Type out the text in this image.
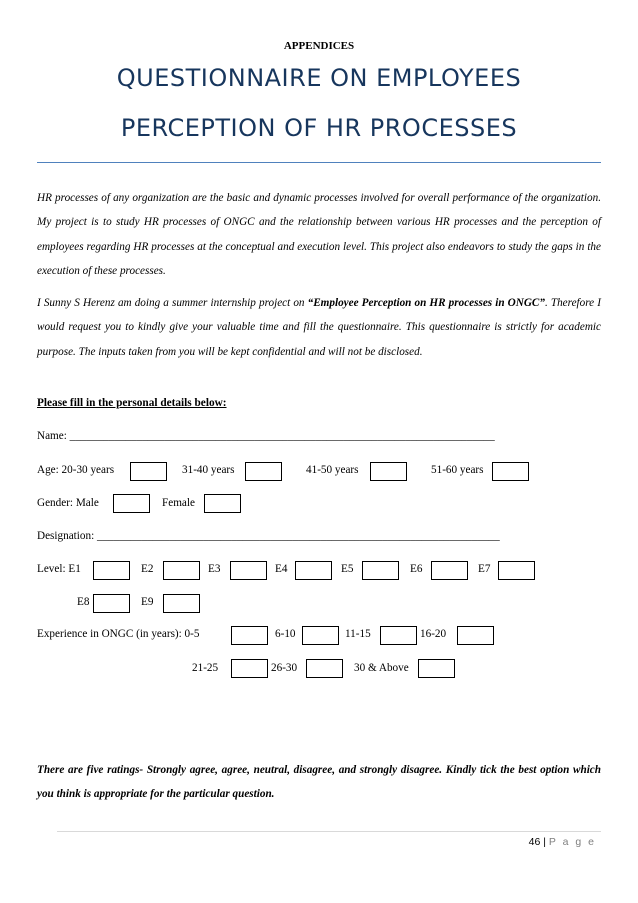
APPENDICES
QUESTIONNAIRE ON EMPLOYEES
PERCEPTION OF HR PROCESSES
HR processes of any organization are the basic and dynamic processes involved for overall performance of the organization. My project is to study HR processes of ONGC and the relationship between various HR processes and the perception of employees regarding HR processes at the conceptual and execution level. This project also endeavors to study the gaps in the execution of these processes.
I Sunny S Herenz am doing a summer internship project on “Employee Perception on HR processes in ONGC”. Therefore I would request you to kindly give your valuable time and fill the questionnaire. This questionnaire is strictly for academic purpose. The inputs taken from you will be kept confidential and will not be disclosed.
Please fill in the personal details below:
Name: ____________________________________________________________________________
Age: 20-30 years	31-40 years	41-50 years	51-60 years
Gender: Male	Female
Designation: ________________________________________________________________________
Level: E1	E2	E3	E4	E5	E6	E7
E8	E9
Experience in ONGC (in years): 0-5	6-10	11-15	16-20
21-25	26-30	30 & Above
There are five ratings- Strongly agree, agree, neutral, disagree, and strongly disagree. Kindly tick the best option which you think is appropriate for the particular question.
46 | P a g e
